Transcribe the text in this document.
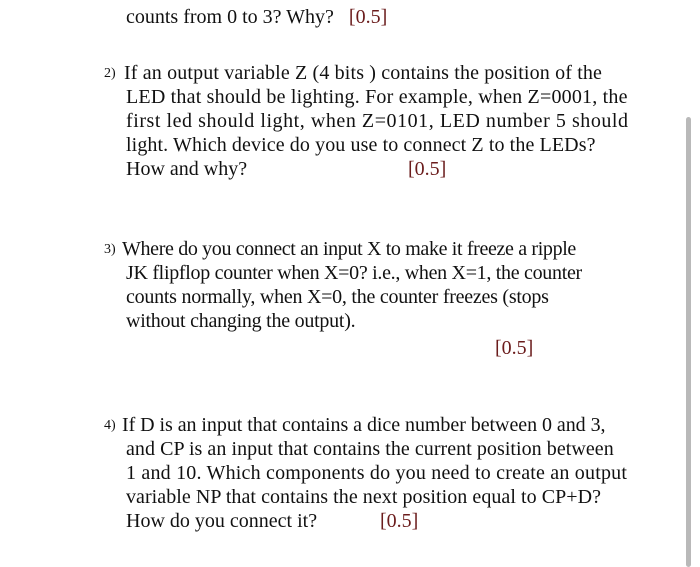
counts from 0 to 3? Why? [0.5]
2) If an output variable Z (4 bits ) contains the position of the
LED that should be lighting. For example, when Z=0001, the
first led should light, when Z=0101, LED number 5 should
light. Which device do you use to connect Z to the LEDs?
How and why?	[0.5]
3) Where do you connect an input X to make it freeze a ripple
JK flipflop counter when X=0? i.e., when X=1, the counter
counts normally, when X=0, the counter freezes (stops
without changing the output).
[0.5]
4) If D is an input that contains a dice number between 0 and 3,
and CP is an input that contains the current position between
1 and 10. Which components do you need to create an output
variable NP that contains the next position equal to CP+D?
How do you connect it?	[0.5]
